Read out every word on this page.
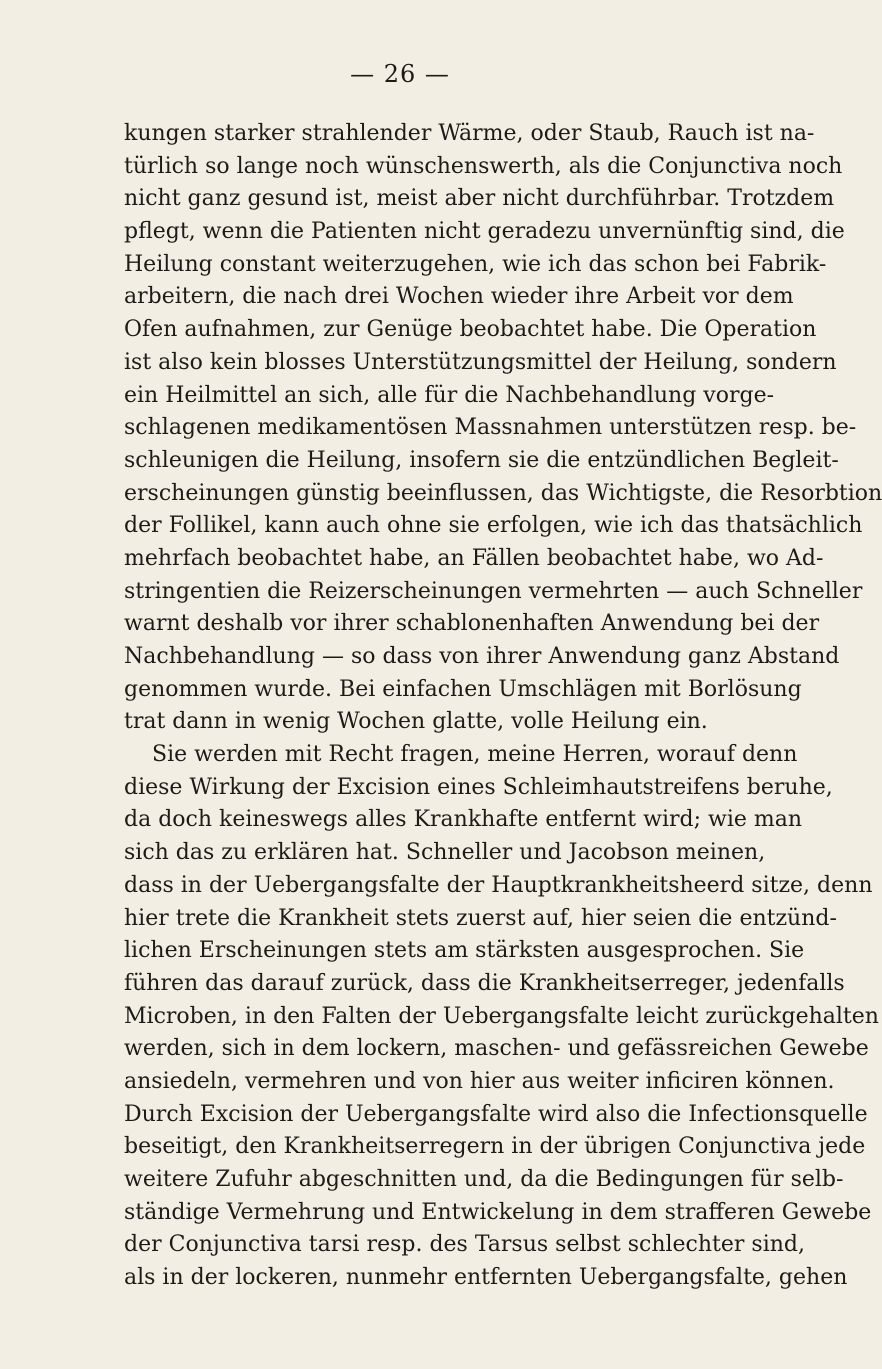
— 26 —
kungen starker strahlender Wärme, oder Staub, Rauch ist na-
türlich so lange noch wünschenswerth, als die Conjunctiva noch
nicht ganz gesund ist, meist aber nicht durchführbar. Trotzdem
pflegt, wenn die Patienten nicht geradezu unvernünftig sind, die
Heilung constant weiterzugehen, wie ich das schon bei Fabrik-
arbeitern, die nach drei Wochen wieder ihre Arbeit vor dem
Ofen aufnahmen, zur Genüge beobachtet habe. Die Operation
ist also kein blosses Unterstützungsmittel der Heilung, sondern
ein Heilmittel an sich, alle für die Nachbehandlung vorge-
schlagenen medikamentösen Massnahmen unterstützen resp. be-
schleunigen die Heilung, insofern sie die entzündlichen Begleit-
erscheinungen günstig beeinflussen, das Wichtigste, die Resorbtion
der Follikel, kann auch ohne sie erfolgen, wie ich das thatsächlich
mehrfach beobachtet habe, an Fällen beobachtet habe, wo Ad-
stringentien die Reizerscheinungen vermehrten — auch Schneller
warnt deshalb vor ihrer schablonenhaften Anwendung bei der
Nachbehandlung — so dass von ihrer Anwendung ganz Abstand
genommen wurde. Bei einfachen Umschlägen mit Borlösung
trat dann in wenig Wochen glatte, volle Heilung ein.
Sie werden mit Recht fragen, meine Herren, worauf denn
diese Wirkung der Excision eines Schleimhautstreifens beruhe,
da doch keineswegs alles Krankhafte entfernt wird; wie man
sich das zu erklären hat. Schneller und Jacobson meinen,
dass in der Uebergangsfalte der Hauptkrankheitsheerd sitze, denn
hier trete die Krankheit stets zuerst auf, hier seien die entzünd-
lichen Erscheinungen stets am stärksten ausgesprochen. Sie
führen das darauf zurück, dass die Krankheitserreger, jedenfalls
Microben, in den Falten der Uebergangsfalte leicht zurückgehalten
werden, sich in dem lockern, maschen- und gefässreichen Gewebe
ansiedeln, vermehren und von hier aus weiter inficiren können.
Durch Excision der Uebergangsfalte wird also die Infectionsquelle
beseitigt, den Krankheitserregern in der übrigen Conjunctiva jede
weitere Zufuhr abgeschnitten und, da die Bedingungen für selb-
ständige Vermehrung und Entwickelung in dem strafferen Gewebe
der Conjunctiva tarsi resp. des Tarsus selbst schlechter sind,
als in der lockeren, nunmehr entfernten Uebergangsfalte, gehen
